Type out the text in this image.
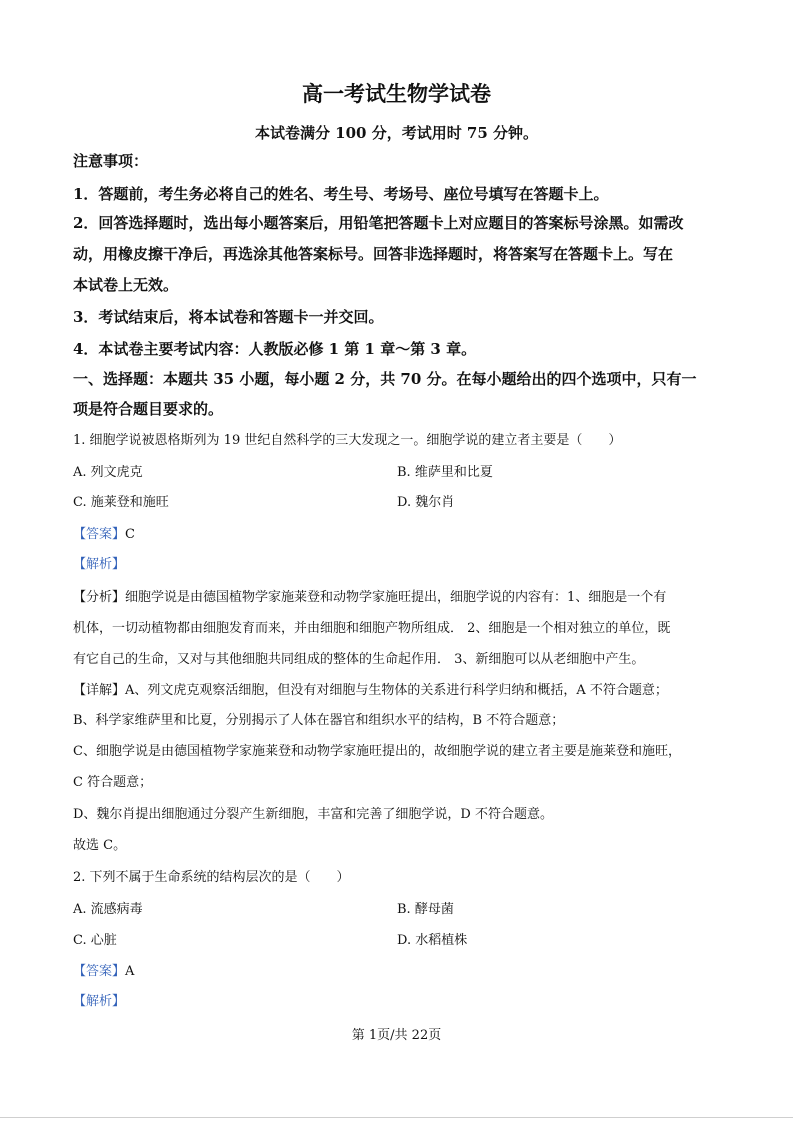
高一考试生物学试卷
本试卷满分 100 分，考试用时 75 分钟。
注意事项：
1．答题前，考生务必将自己的姓名、考生号、考场号、座位号填写在答题卡上。
2．回答选择题时，选出每小题答案后，用铅笔把答题卡上对应题目的答案标号涂黑。如需改
动，用橡皮擦干净后，再选涂其他答案标号。回答非选择题时，将答案写在答题卡上。写在
本试卷上无效。
3．考试结束后，将本试卷和答题卡一并交回。
4．本试卷主要考试内容：人教版必修 1 第 1 章～第 3 章。
一、选择题：本题共 35 小题，每小题 2 分，共 70 分。在每小题给出的四个选项中，只有一
项是符合题目要求的。
1. 细胞学说被恩格斯列为 19 世纪自然科学的三大发现之一。细胞学说的建立者主要是（　　）
A. 列文虎克	B. 维萨里和比夏
C. 施莱登和施旺	D. 魏尔肖
【答案】C
【解析】
【分析】细胞学说是由德国植物学家施莱登和动物学家施旺提出，细胞学说的内容有：1、细胞是一个有
机体，一切动植物都由细胞发育而来，并由细胞和细胞产物所组成． 2、细胞是一个相对独立的单位，既
有它自己的生命，又对与其他细胞共同组成的整体的生命起作用． 3、新细胞可以从老细胞中产生。
【详解】A、列文虎克观察活细胞，但没有对细胞与生物体的关系进行科学归纳和概括，A 不符合题意；
B、科学家维萨里和比夏，分别揭示了人体在器官和组织水平的结构，B 不符合题意；
C、细胞学说是由德国植物学家施莱登和动物学家施旺提出的，故细胞学说的建立者主要是施莱登和施旺，
C 符合题意；
D、魏尔肖提出细胞通过分裂产生新细胞，丰富和完善了细胞学说，D 不符合题意。
故选 C。
2. 下列不属于生命系统的结构层次的是（　　）
A. 流感病毒	B. 酵母菌
C. 心脏	D. 水稻植株
【答案】A
【解析】
第 1页/共 22页
